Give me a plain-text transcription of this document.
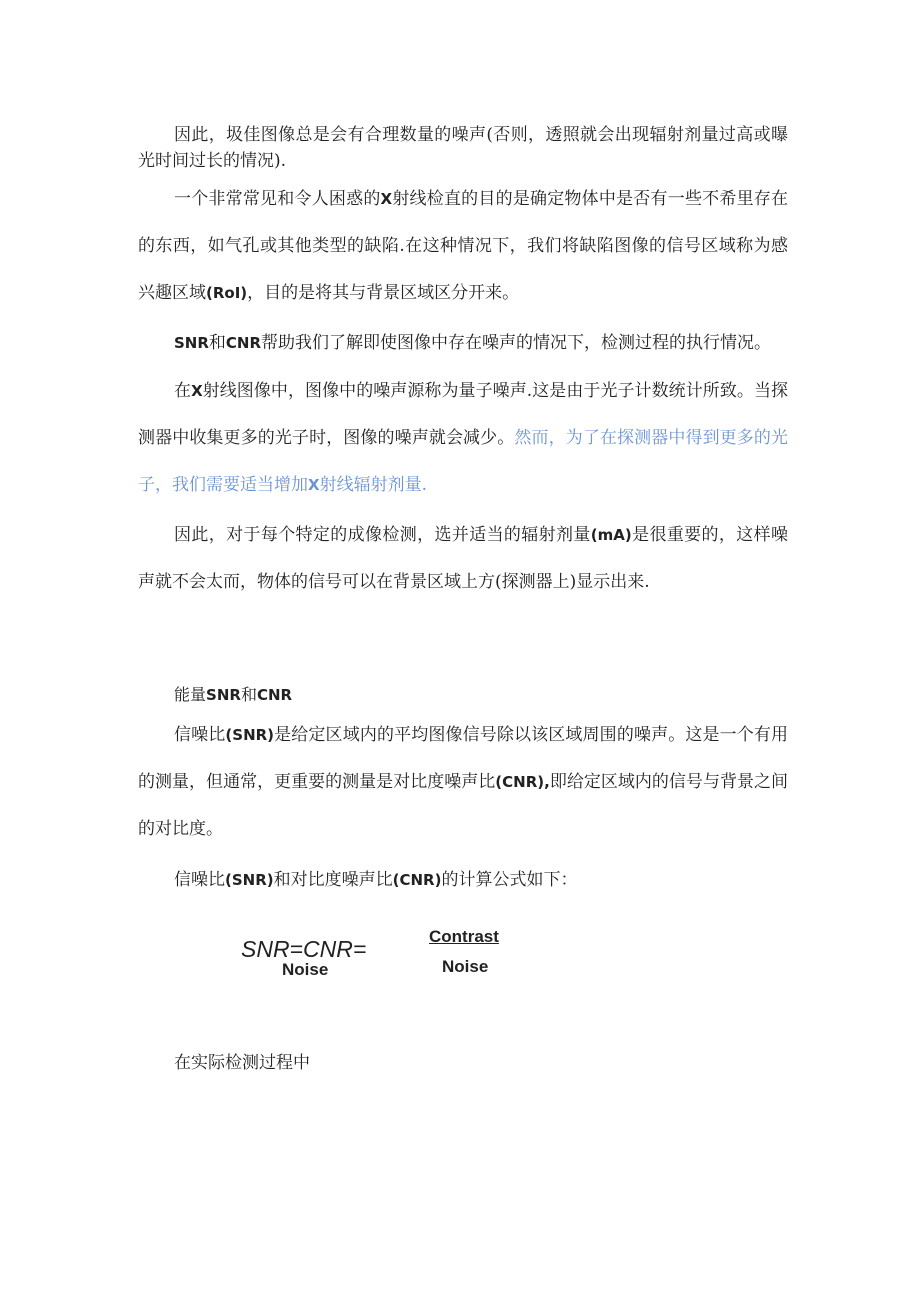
因此，圾佳图像总是会有合理数量的噪声(否则，透照就会出现辐射剂量过高或曝光时间过长的情况).

一个非常常见和令人困惑的X射线检直的目的是确定物体中是否有一些不希里存在的东西，如气孔或其他类型的缺陷.在这种情况下，我们将缺陷图像的信号区域称为感兴趣区域(RoI)，目的是将其与背景区域区分开来。

SNR和CNR帮助我们了解即使图像中存在噪声的情况下，检测过程的执行情况。

在X射线图像中，图像中的噪声源称为量子噪声.这是由于光子计数统计所致。当探测器中收集更多的光子时，图像的噪声就会减少。然而，为了在探测器中得到更多的光子，我们需要适当增加X射线辐射剂量.

因此，对于每个特定的成像检测，选并适当的辐射剂量(mA)是很重要的，这样噪声就不会太而，物体的信号可以在背景区域上方(探测器上)显示出来.

能量SNR和CNR

信噪比(SNR)是给定区域内的平均图像信号除以该区域周围的噪声。这是一个有用的测量，但通常，更重要的测量是对比度噪声比(CNR),即给定区域内的信号与背景之间的对比度。

信噪比(SNR)和对比度噪声比(CNR)的计算公式如下：

SNR=CNR=
Noise
Contrast
Noise

在实际检测过程中
